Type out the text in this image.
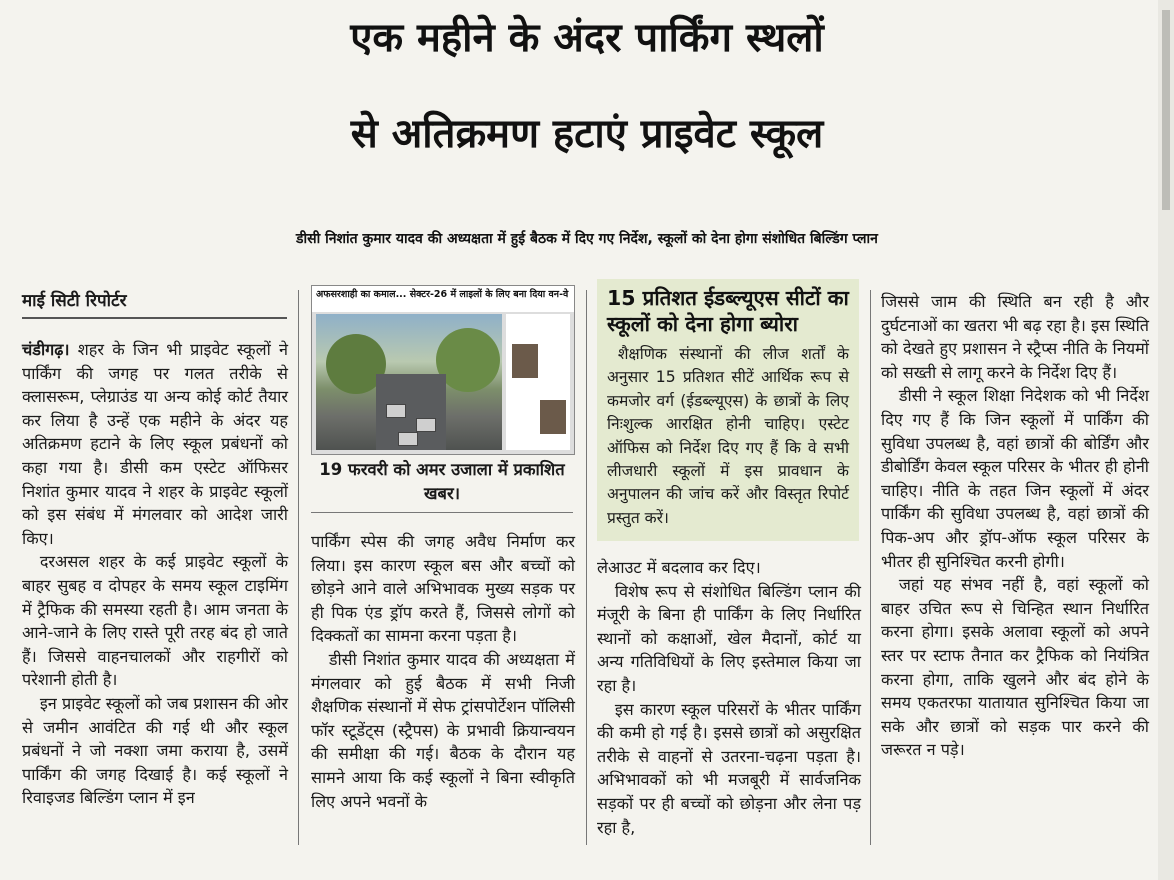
एक महीने के अंदर पार्किंग स्थलों
से अतिक्रमण हटाएं प्राइवेट स्कूल
डीसी निशांत कुमार यादव की अध्यक्षता में हुई बैठक में दिए गए निर्देश, स्कूलों को देना होगा संशोधित बिल्डिंग प्लान
माई सिटी रिपोर्टर

चंडीगढ़। शहर के जिन भी प्राइवेट स्कूलों ने पार्किंग की जगह पर गलत तरीके से क्लासरूम, प्लेग्राउंड या अन्य कोई कोर्ट तैयार कर लिया है उन्हें एक महीने के अंदर यह अतिक्रमण हटाने के लिए स्कूल प्रबंधनों को कहा गया है। डीसी कम एस्टेट ऑफिसर निशांत कुमार यादव ने शहर के प्राइवेट स्कूलों को इस संबंध में मंगलवार को आदेश जारी किए।

दरअसल शहर के कई प्राइवेट स्कूलों के बाहर सुबह व दोपहर के समय स्कूल टाइमिंग में ट्रैफिक की समस्या रहती है। आम जनता के आने-जाने के लिए रास्ते पूरी तरह बंद हो जाते हैं। जिससे वाहनचालकों और राहगीरों को परेशानी होती है।

इन प्राइवेट स्कूलों को जब प्रशासन की ओर से जमीन आवंटित की गई थी और स्कूल प्रबंधनों ने जो नक्शा जमा कराया है, उसमें पार्किंग की जगह दिखाई है। कई स्कूलों ने रिवाइजड बिल्डिंग प्लान में इन

अफसरशाही का कमाल... सेक्टर-26 में लाइलों के लिए बना दिया वन-वे
19 फरवरी को अमर उजाला में प्रकाशित खबर।

पार्किंग स्पेस की जगह अवैध निर्माण कर लिया। इस कारण स्कूल बस और बच्चों को छोड़ने आने वाले अभिभावक मुख्य सड़क पर ही पिक एंड ड्रॉप करते हैं, जिससे लोगों को दिक्कतों का सामना करना पड़ता है।

डीसी निशांत कुमार यादव की अध्यक्षता में मंगलवार को हुई बैठक में सभी निजी शैक्षणिक संस्थानों में सेफ ट्रांसपोर्टेशन पॉलिसी फॉर स्टूडेंट्स (स्ट्रैपस) के प्रभावी क्रियान्वयन की समीक्षा की गई। बैठक के दौरान यह सामने आया कि कई स्कूलों ने बिना स्वीकृति लिए अपने भवनों के

15 प्रतिशत ईडब्ल्यूएस सीटों का स्कूलों को देना होगा ब्योरा

शैक्षणिक संस्थानों की लीज शर्तों के अनुसार 15 प्रतिशत सीटें आर्थिक रूप से कमजोर वर्ग (ईडब्ल्यूएस) के छात्रों के लिए निःशुल्क आरक्षित होनी चाहिए। एस्टेट ऑफिस को निर्देश दिए गए हैं कि वे सभी लीजधारी स्कूलों में इस प्रावधान के अनुपालन की जांच करें और विस्तृत रिपोर्ट प्रस्तुत करें।

लेआउट में बदलाव कर दिए।

विशेष रूप से संशोधित बिल्डिंग प्लान की मंजूरी के बिना ही पार्किंग के लिए निर्धारित स्थानों को कक्षाओं, खेल मैदानों, कोर्ट या अन्य गतिविधियों के लिए इस्तेमाल किया जा रहा है।

इस कारण स्कूल परिसरों के भीतर पार्किंग की कमी हो गई है। इससे छात्रों को असुरक्षित तरीके से वाहनों से उतरना-चढ़ना पड़ता है। अभिभावकों को भी मजबूरी में सार्वजनिक सड़कों पर ही बच्चों को छोड़ना और लेना पड़ रहा है,

जिससे जाम की स्थिति बन रही है और दुर्घटनाओं का खतरा भी बढ़ रहा है। इस स्थिति को देखते हुए प्रशासन ने स्ट्रैप्स नीति के नियमों को सख्ती से लागू करने के निर्देश दिए हैं।

डीसी ने स्कूल शिक्षा निदेशक को भी निर्देश दिए गए हैं कि जिन स्कूलों में पार्किंग की सुविधा उपलब्ध है, वहां छात्रों की बोर्डिंग और डीबोर्डिंग केवल स्कूल परिसर के भीतर ही होनी चाहिए। नीति के तहत जिन स्कूलों में अंदर पार्किंग की सुविधा उपलब्ध है, वहां छात्रों की पिक-अप और ड्रॉप-ऑफ स्कूल परिसर के भीतर ही सुनिश्चित करनी होगी।

जहां यह संभव नहीं है, वहां स्कूलों को बाहर उचित रूप से चिन्हित स्थान निर्धारित करना होगा। इसके अलावा स्कूलों को अपने स्तर पर स्टाफ तैनात कर ट्रैफिक को नियंत्रित करना होगा, ताकि खुलने और बंद होने के समय एकतरफा यातायात सुनिश्चित किया जा सके और छात्रों को सड़क पार करने की जरूरत न पड़े।
